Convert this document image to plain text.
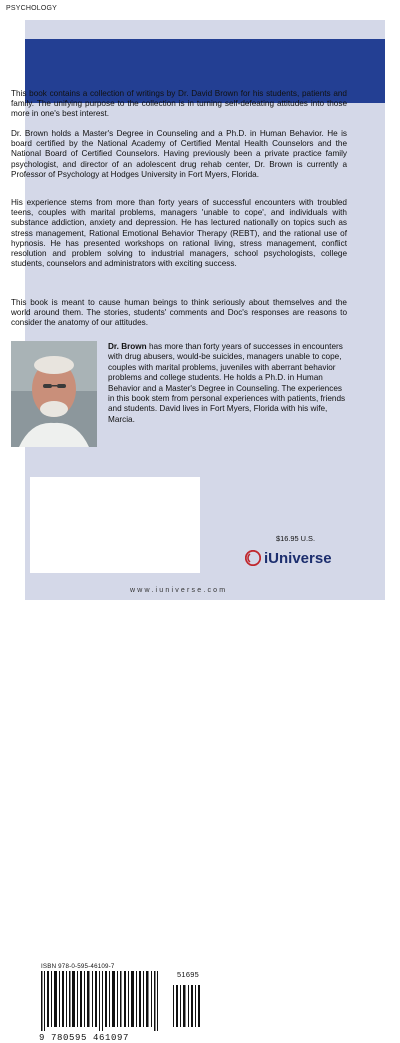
PSYCHOLOGY

This book contains a collection of writings by Dr. David Brown for his students, patients and family. The unifying purpose to the collection is in turning self-defeating attitudes into those more in one's best interest.

Dr. Brown holds a Master's Degree in Counseling and a Ph.D. in Human Behavior. He is board certified by the National Academy of Certified Mental Health Counselors and the National Board of Certified Counselors. Having previously been a private practice family psychologist, and director of an adolescent drug rehab center, Dr. Brown is currently a Professor of Psychology at Hodges University in Fort Myers, Florida.

His experience stems from more than forty years of successful encounters with troubled teens, couples with marital problems, managers 'unable to cope', and individuals with substance addiction, anxiety and depression. He has lectured nationally on topics such as stress management, Rational Emotional Behavior Therapy (REBT), and the rational use of hypnosis. He has presented workshops on rational living, stress management, conflict resolution and problem solving to industrial managers, school psychologists, college students, counselors and administrators with exciting success.

This book is meant to cause human beings to think seriously about themselves and the world around them. The stories, students' comments and Doc's responses are reasons to consider the anatomy of our attitudes.

Dr. Brown has more than forty years of successes in encounters with drug abusers, would-be suicides, managers unable to cope, couples with marital problems, juveniles with aberrant behavior problems and college students. He holds a Ph.D. in Human Behavior and a Master's Degree in Counseling. The experiences in this book stem from personal experiences with patients, friends and students. David lives in Fort Myers, Florida with his wife, Marcia.

ISBN 978-0-595-46109-7
51695
9 780595 461097
$16.95 U.S.
iUniverse
www.iuniverse.com
